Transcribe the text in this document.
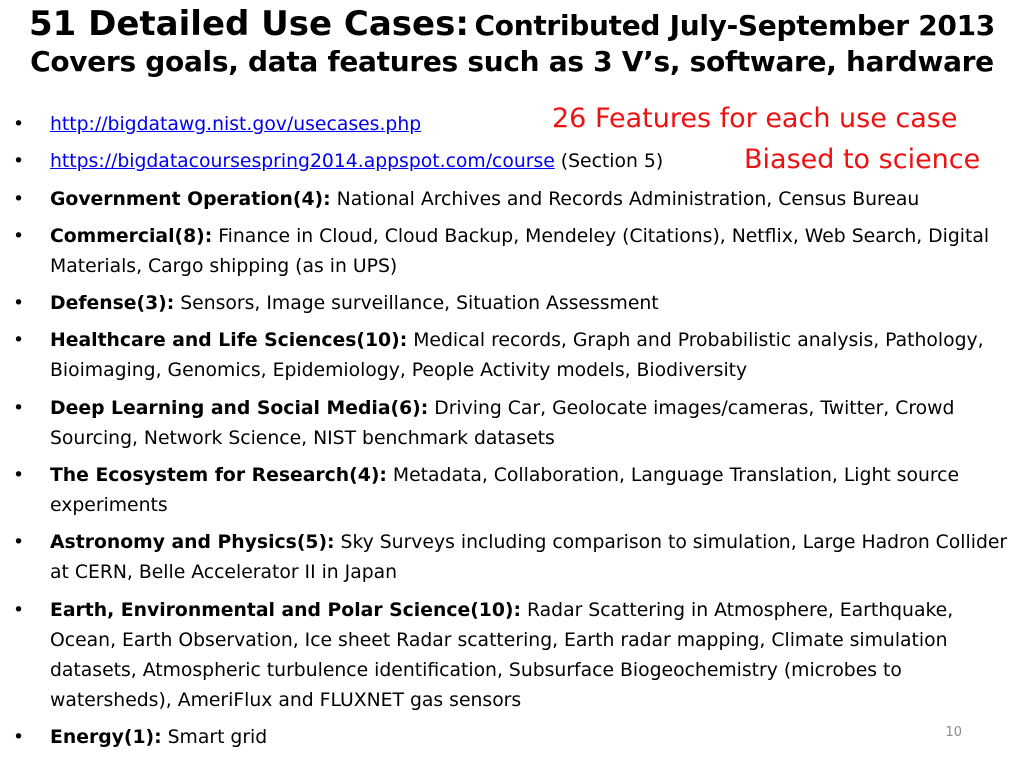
51 Detailed Use Cases: Contributed July-September 2013
Covers goals, data features such as 3 V’s, software, hardware
26 Features for each use case
Biased to science
• http://bigdatawg.nist.gov/usecases.php
• https://bigdatacoursespring2014.appspot.com/course (Section 5)
• Government Operation(4): National Archives and Records Administration, Census Bureau
• Commercial(8): Finance in Cloud, Cloud Backup, Mendeley (Citations), Netflix, Web Search, Digital Materials, Cargo shipping (as in UPS)
• Defense(3): Sensors, Image surveillance, Situation Assessment
• Healthcare and Life Sciences(10): Medical records, Graph and Probabilistic analysis, Pathology, Bioimaging, Genomics, Epidemiology, People Activity models, Biodiversity
• Deep Learning and Social Media(6): Driving Car, Geolocate images/cameras, Twitter, Crowd Sourcing, Network Science, NIST benchmark datasets
• The Ecosystem for Research(4): Metadata, Collaboration, Language Translation, Light source experiments
• Astronomy and Physics(5): Sky Surveys including comparison to simulation, Large Hadron Collider at CERN, Belle Accelerator II in Japan
• Earth, Environmental and Polar Science(10): Radar Scattering in Atmosphere, Earthquake, Ocean, Earth Observation, Ice sheet Radar scattering, Earth radar mapping, Climate simulation datasets, Atmospheric turbulence identification, Subsurface Biogeochemistry (microbes to watersheds), AmeriFlux and FLUXNET gas sensors
• Energy(1): Smart grid	10
